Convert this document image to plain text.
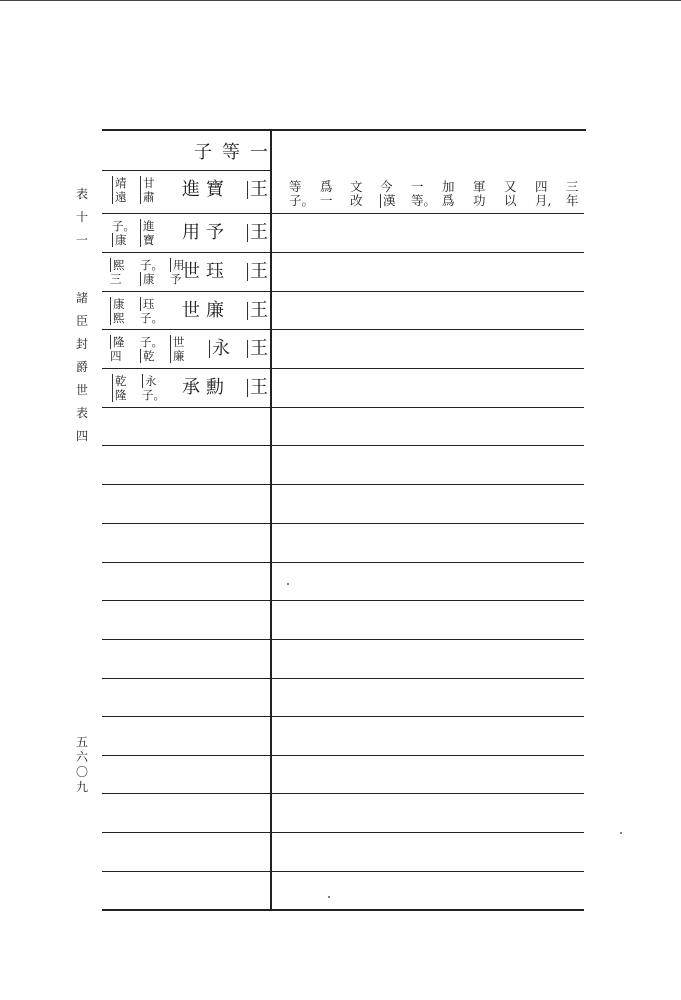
表
十
一
諸
臣
封
爵
世
表
四
五
六
〇
九
子 等 一
王
進寶
甘
肅
靖
遠
王
用予
進
寶
子。
康
王
世珏
用
予
子。
康
熙
三
王
世廉
珏
子。
康
熙
王
永
世
廉
子。
乾
隆
四
王
承勳
永
子。
乾
隆
三
年
四
月,
又
以
軍
功
加
爲
一
等。
今
漢
文
改
爲
一
等
子。
